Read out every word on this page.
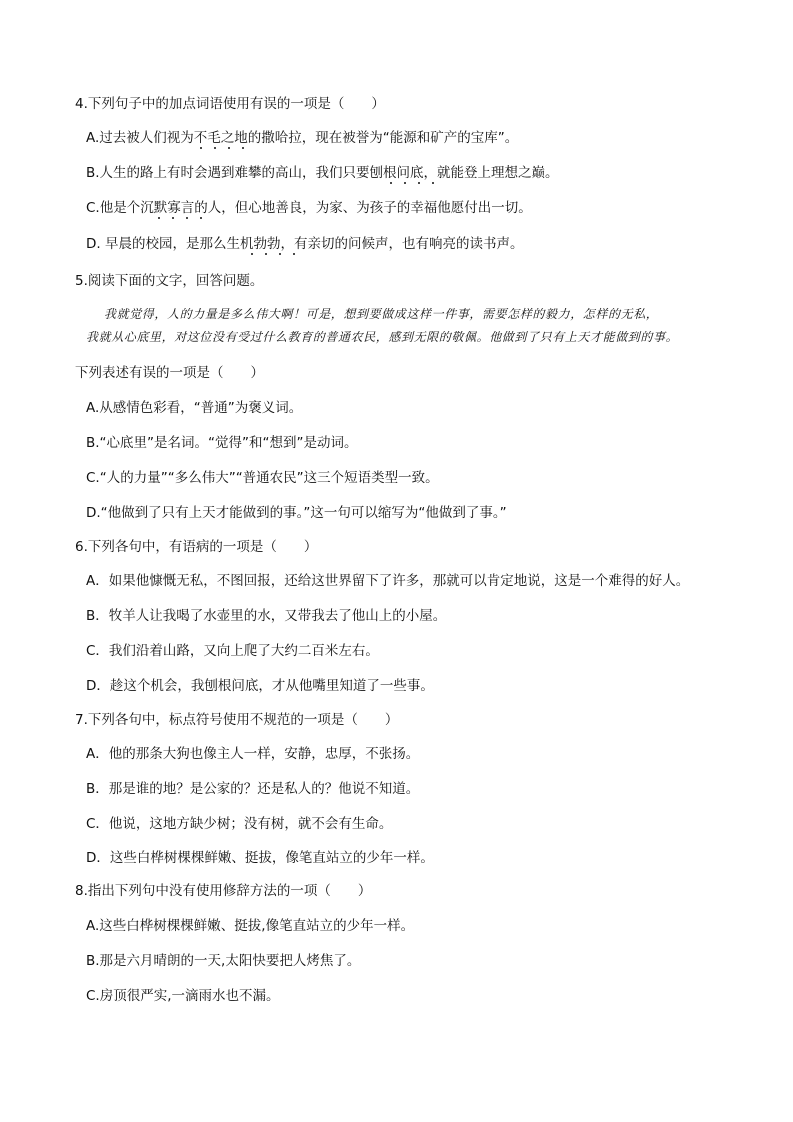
4.下列句子中的加点词语使用有误的一项是（　　）
A.过去被人们视为不毛之地的撒哈拉，现在被誉为“能源和矿产的宝库”。
B.人生的路上有时会遇到难攀的高山，我们只要刨根问底，就能登上理想之巅。
C.他是个沉默寡言的人，但心地善良，为家、为孩子的幸福他愿付出一切。
D. 早晨的校园，是那么生机勃勃，有亲切的问候声，也有响亮的读书声。
5.阅读下面的文字，回答问题。
我就觉得，人的力量是多么伟大啊！可是，想到要做成这样一件事，需要怎样的毅力，怎样的无私，
我就从心底里，对这位没有受过什么教育的普通农民，感到无限的敬佩。他做到了只有上天才能做到的事。
下列表述有误的一项是（　　）
A.从感情色彩看，“普通”为褒义词。
B.“心底里”是名词。“觉得”和“想到”是动词。
C.“人的力量”“多么伟大”“普通农民”这三个短语类型一致。
D.“他做到了只有上天才能做到的事。”这一句可以缩写为“他做到了事。”
6.下列各句中，有语病的一项是（　　）
A．如果他慷慨无私，不图回报，还给这世界留下了许多，那就可以肯定地说，这是一个难得的好人。
B．牧羊人让我喝了水壶里的水，又带我去了他山上的小屋。
C．我们沿着山路，又向上爬了大约二百米左右。
D．趁这个机会，我刨根问底，才从他嘴里知道了一些事。
7.下列各句中，标点符号使用不规范的一项是（　　）
A．他的那条大狗也像主人一样，安静，忠厚，不张扬。
B．那是谁的地？是公家的？还是私人的？他说不知道。
C．他说，这地方缺少树；没有树，就不会有生命。
D．这些白桦树棵棵鲜嫩、挺拔，像笔直站立的少年一样。
8.指出下列句中没有使用修辞方法的一项（　　）
A.这些白桦树棵棵鲜嫩、挺拔,像笔直站立的少年一样。
B.那是六月晴朗的一天,太阳快要把人烤焦了。
C.房顶很严实,一滴雨水也不漏。
